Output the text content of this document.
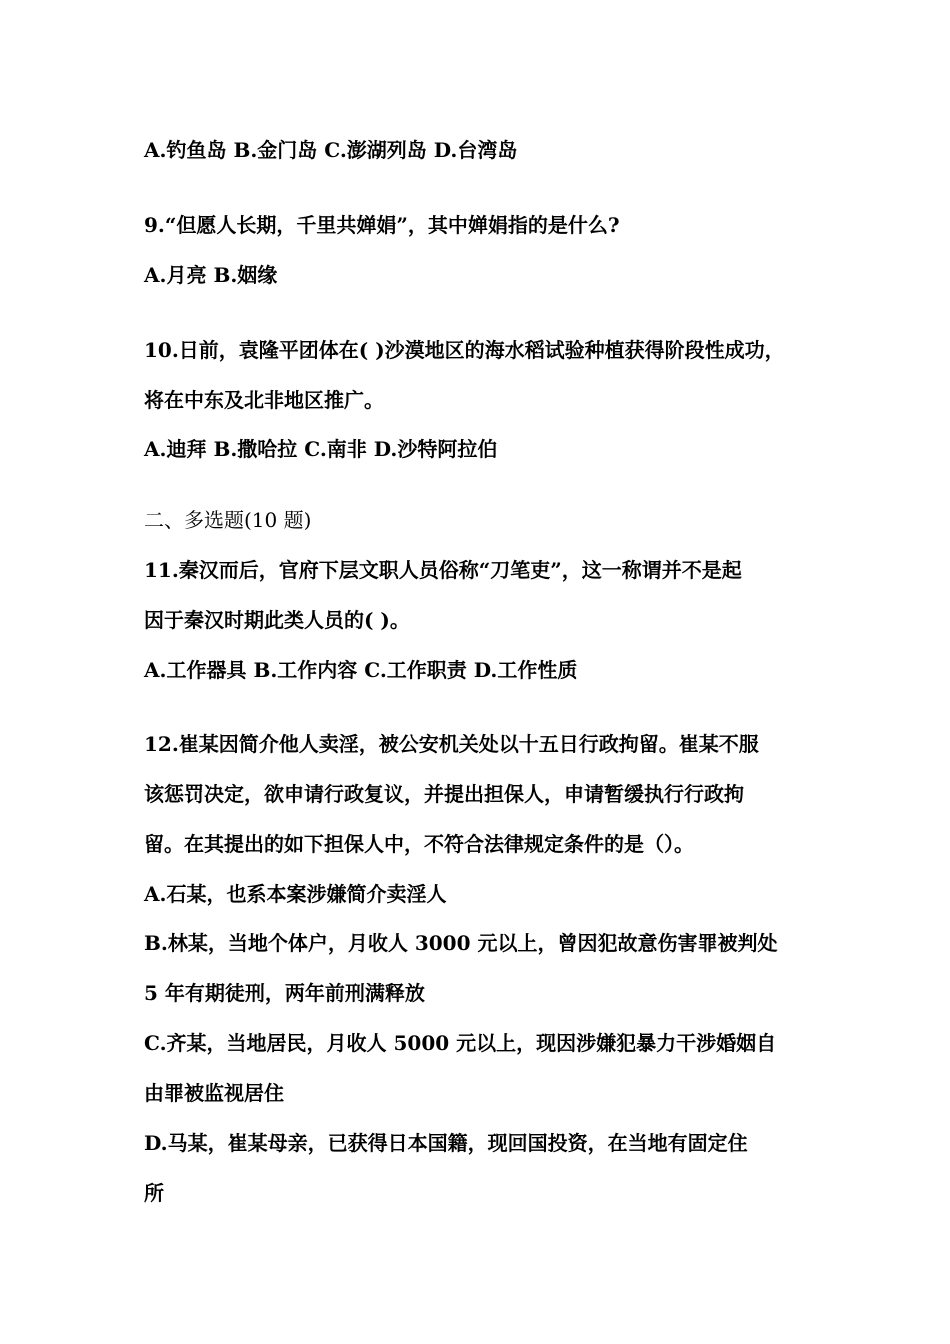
A.钓鱼岛 B.金门岛 C.澎湖列岛 D.台湾岛
9.“但愿人长期，千里共婵娟”，其中婵娟指的是什么?
A.月亮 B.姻缘
10.日前，袁隆平团体在( )沙漠地区的海水稻试验种植获得阶段性成功，
将在中东及北非地区推广。
A.迪拜 B.撒哈拉 C.南非 D.沙特阿拉伯
二、多选题(10 题)
11.秦汉而后，官府下层文职人员俗称“刀笔吏”，这一称谓并不是起
因于秦汉时期此类人员的( )。
A.工作器具 B.工作内容 C.工作职责 D.工作性质
12.崔某因简介他人卖淫，被公安机关处以十五日行政拘留。崔某不服
该惩罚决定，欲申请行政复议，并提出担保人，申请暂缓执行行政拘
留。在其提出的如下担保人中，不符合法律规定条件的是（）。
A.石某，也系本案涉嫌简介卖淫人
B.林某，当地个体户，月收人 3000 元以上，曾因犯故意伤害罪被判处
5 年有期徒刑，两年前刑满释放
C.齐某，当地居民，月收人 5000 元以上，现因涉嫌犯暴力干涉婚姻自
由罪被监视居住
D.马某，崔某母亲，已获得日本国籍，现回国投资，在当地有固定住
所
